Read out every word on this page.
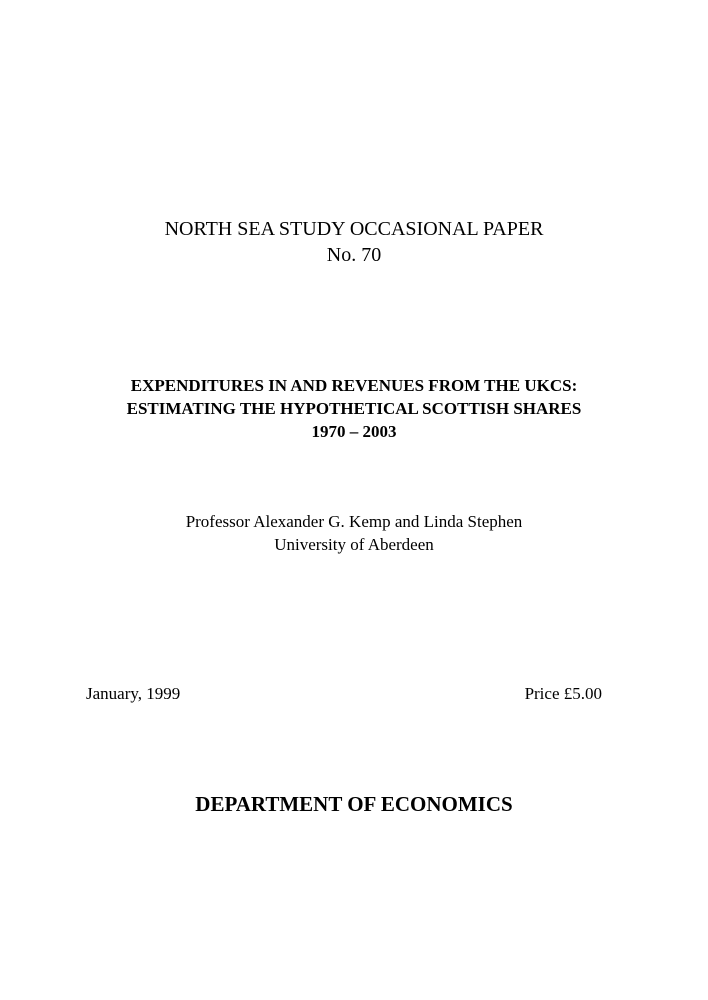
NORTH SEA STUDY OCCASIONAL PAPER
No. 70
EXPENDITURES IN AND REVENUES FROM THE UKCS:
ESTIMATING THE HYPOTHETICAL SCOTTISH SHARES
1970 – 2003
Professor Alexander G. Kemp and Linda Stephen
University of Aberdeen
January, 1999	Price £5.00
DEPARTMENT OF ECONOMICS
